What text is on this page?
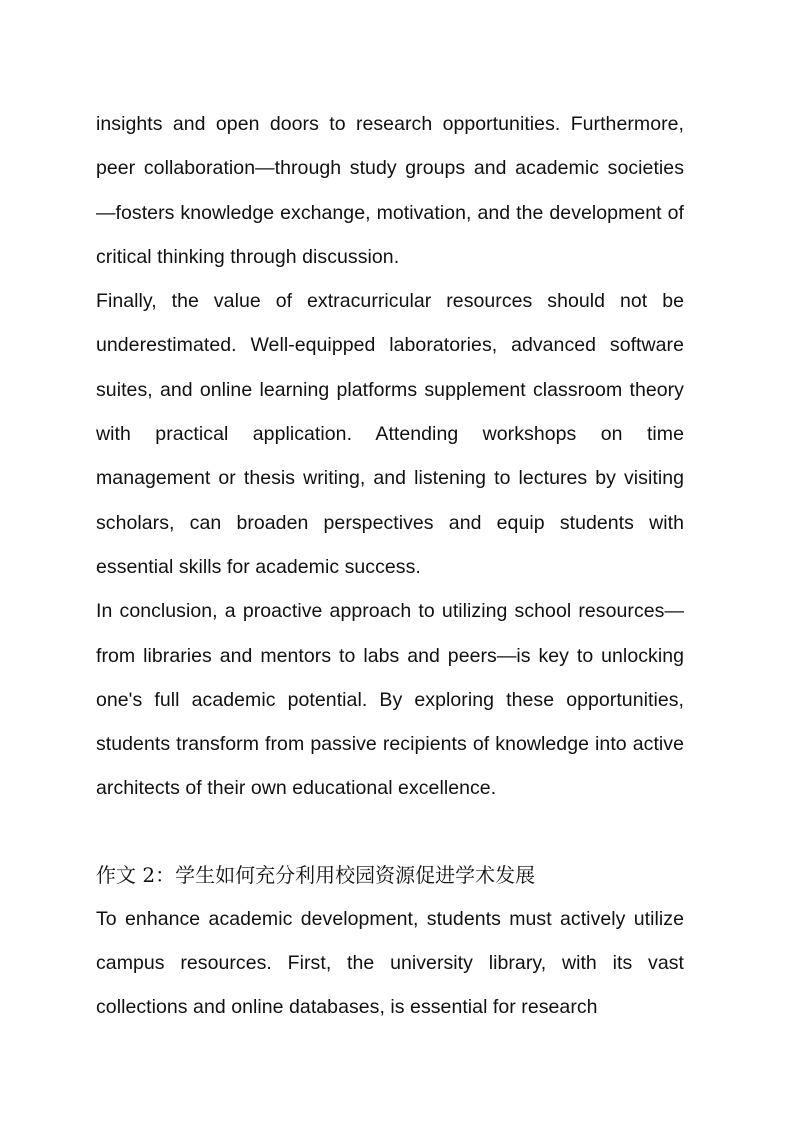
insights and open doors to research opportunities. Furthermore, peer collaboration—through study groups and academic societies—fosters knowledge exchange, motivation, and the development of critical thinking through discussion.

Finally, the value of extracurricular resources should not be underestimated. Well-equipped laboratories, advanced software suites, and online learning platforms supplement classroom theory with practical application. Attending workshops on time management or thesis writing, and listening to lectures by visiting scholars, can broaden perspectives and equip students with essential skills for academic success.

In conclusion, a proactive approach to utilizing school resources—from libraries and mentors to labs and peers—is key to unlocking one's full academic potential. By exploring these opportunities, students transform from passive recipients of knowledge into active architects of their own educational excellence.

作文 2：学生如何充分利用校园资源促进学术发展

To enhance academic development, students must actively utilize campus resources. First, the university library, with its vast collections and online databases, is essential for research
